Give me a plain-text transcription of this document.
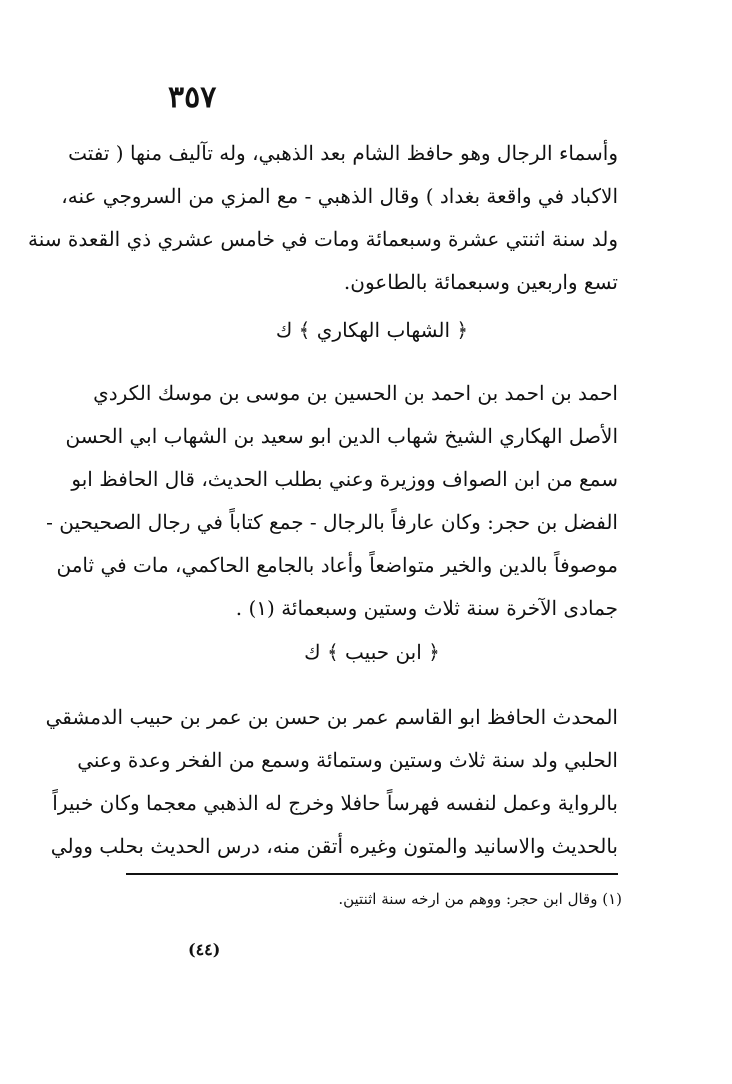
٣٥٧
وأسماء الرجال وهو حافظ الشام بعد الذهبي، وله تآليف منها ( تفتت
الاكباد في واقعة بغداد ) وقال الذهبي - مع المزي من السروجي عنه،
ولد سنة اثنتي عشرة وسبعمائة ومات في خامس عشري ذي القعدة سنة
تسع واربعين وسبعمائة بالطاعون.
﴿ الشهاب الهكاري ﴾ ك
احمد بن احمد بن احمد بن الحسين بن موسى بن موسك الكردي
الأصل الهكاري الشيخ شهاب الدين ابو سعيد بن الشهاب ابي الحسن
سمع من ابن الصواف ووزيرة وعني بطلب الحديث، قال الحافظ ابو
الفضل بن حجر: وكان عارفاً بالرجال - جمع كتاباً في رجال الصحيحين -
موصوفاً بالدين والخير متواضعاً وأعاد بالجامع الحاكمي، مات في ثامن
جمادى الآخرة سنة ثلاث وستين وسبعمائة (١) .
﴿ ابن حبيب ﴾ ك
المحدث الحافظ ابو القاسم عمر بن حسن بن عمر بن حبيب الدمشقي
الحلبي ولد سنة ثلاث وستين وستمائة وسمع من الفخر وعدة وعني
بالرواية وعمل لنفسه فهرساً حافلا وخرج له الذهبي معجما وكان خبيراً
بالحديث والاسانيد والمتون وغيره أتقن منه، درس الحديث بحلب وولي
(١) وقال ابن حجر: ووهم من ارخه سنة اثنتين.
(٤٤)
